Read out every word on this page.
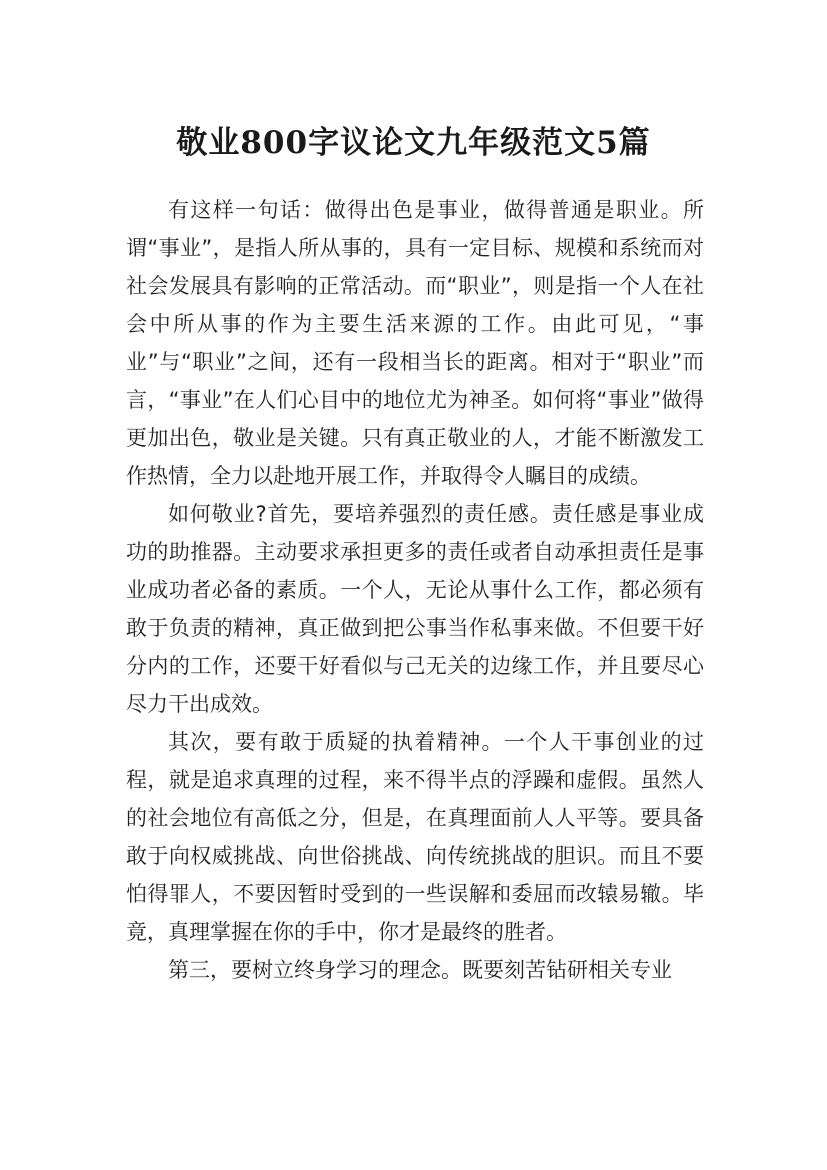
敬业800字议论文九年级范文5篇

有这样一句话：做得出色是事业，做得普通是职业。所谓“事业”，是指人所从事的，具有一定目标、规模和系统而对社会发展具有影响的正常活动。而“职业”，则是指一个人在社会中所从事的作为主要生活来源的工作。由此可见，“事业”与“职业”之间，还有一段相当长的距离。相对于“职业”而言，“事业”在人们心目中的地位尤为神圣。如何将“事业”做得更加出色，敬业是关键。只有真正敬业的人，才能不断激发工作热情，全力以赴地开展工作，并取得令人瞩目的成绩。

如何敬业?首先，要培养强烈的责任感。责任感是事业成功的助推器。主动要求承担更多的责任或者自动承担责任是事业成功者必备的素质。一个人，无论从事什么工作，都必须有敢于负责的精神，真正做到把公事当作私事来做。不但要干好分内的工作，还要干好看似与己无关的边缘工作，并且要尽心尽力干出成效。

其次，要有敢于质疑的执着精神。一个人干事创业的过程，就是追求真理的过程，来不得半点的浮躁和虚假。虽然人的社会地位有高低之分，但是，在真理面前人人平等。要具备敢于向权威挑战、向世俗挑战、向传统挑战的胆识。而且不要怕得罪人，不要因暂时受到的一些误解和委屈而改辕易辙。毕竟，真理掌握在你的手中，你才是最终的胜者。

第三，要树立终身学习的理念。既要刻苦钻研相关专业
